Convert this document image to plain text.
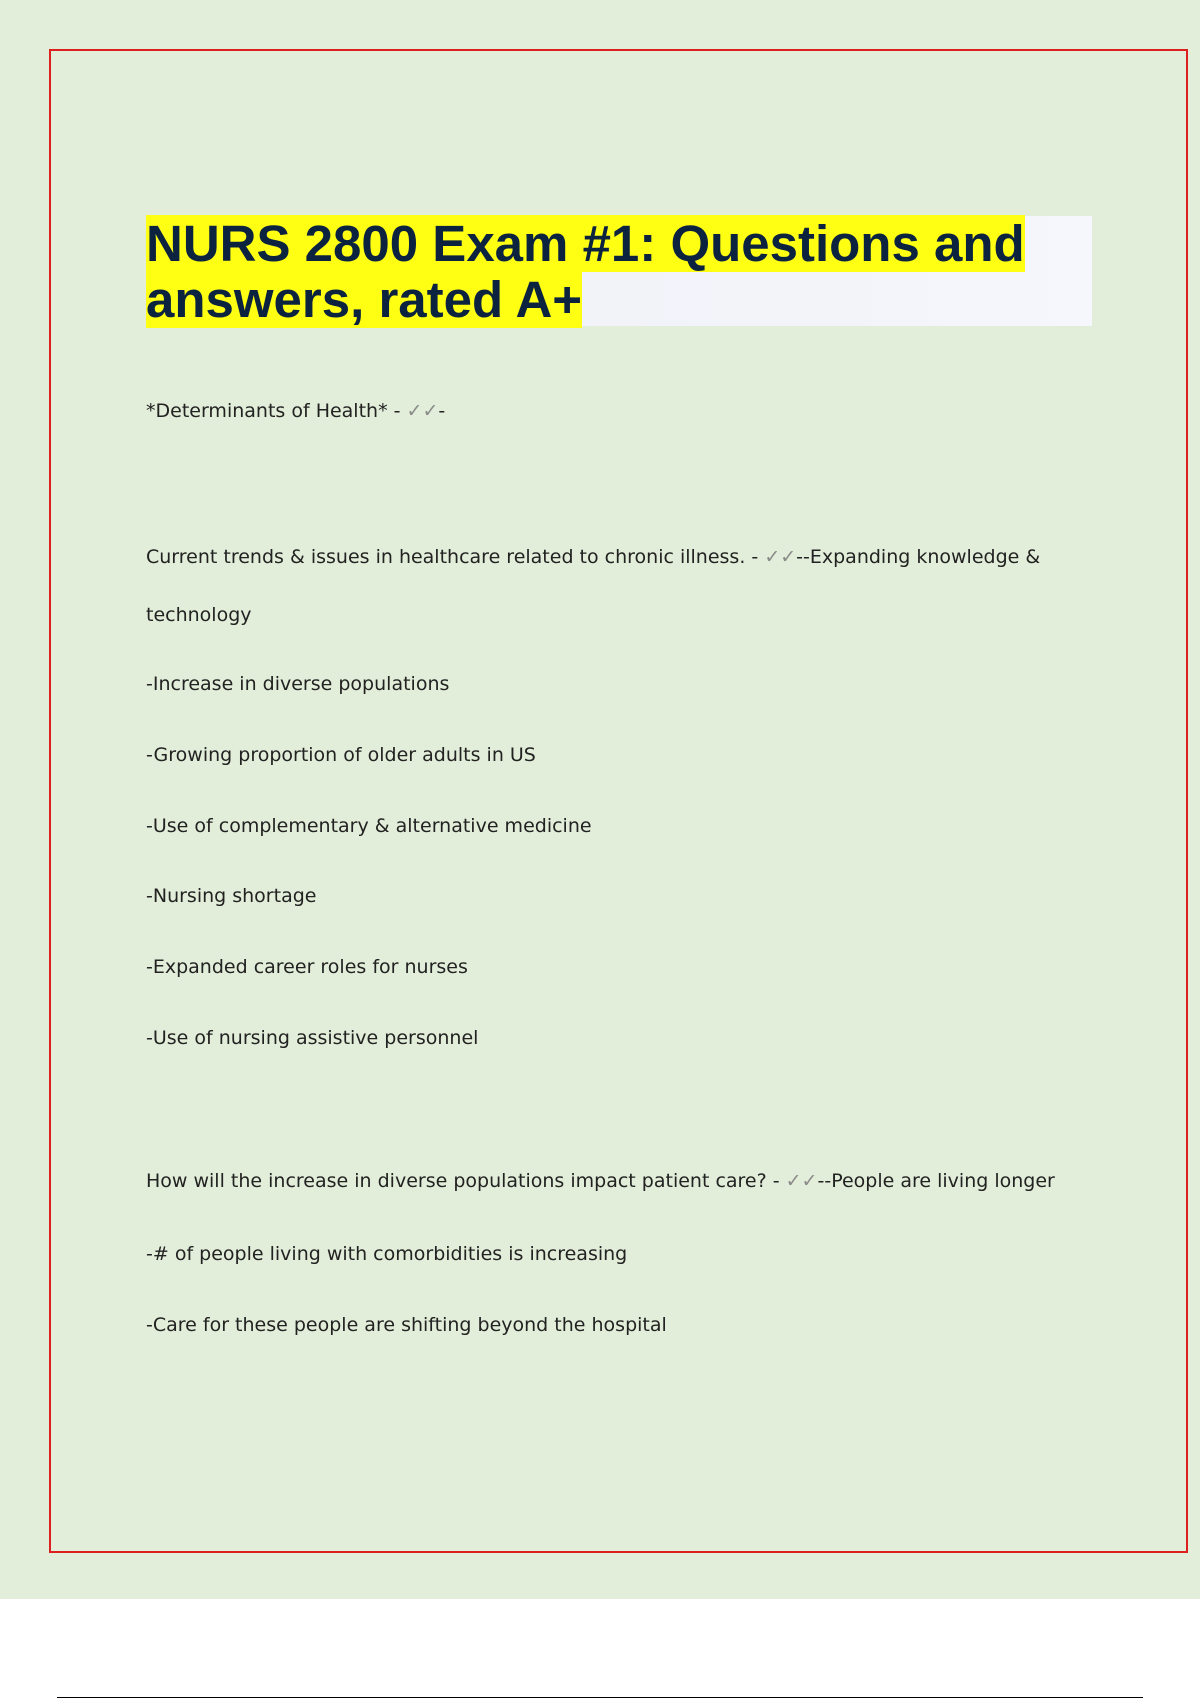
NURS 2800 Exam #1: Questions and answers, rated A+

*Determinants of Health* - ✓✓-

Current trends & issues in healthcare related to chronic illness. - ✓✓--Expanding knowledge &

technology

-Increase in diverse populations

-Growing proportion of older adults in US

-Use of complementary & alternative medicine

-Nursing shortage

-Expanded career roles for nurses

-Use of nursing assistive personnel

How will the increase in diverse populations impact patient care? - ✓✓--People are living longer

-# of people living with comorbidities is increasing

-Care for these people are shifting beyond the hospital
